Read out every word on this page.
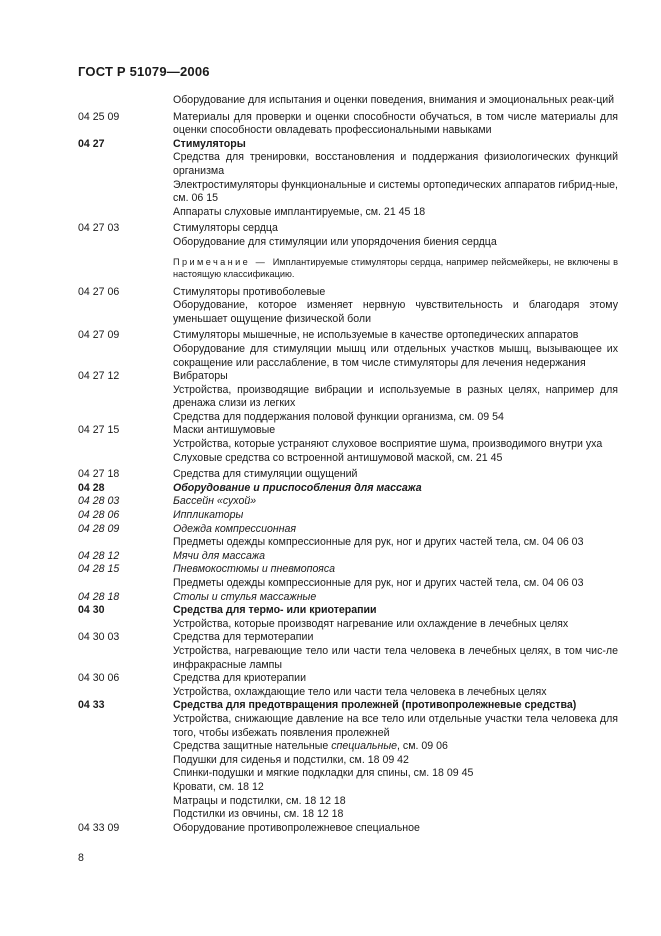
ГОСТ Р 51079—2006
Оборудование для испытания и оценки поведения, внимания и эмоциональных реак-ций
04 25 09	Материалы для проверки и оценки способности обучаться, в том числе материалы для оценки способности овладевать профессиональными навыками
04 27	Стимуляторы
Средства для тренировки, восстановления и поддержания физиологических функций организма
Электростимуляторы функциональные и системы ортопедических аппаратов гибрид-ные, см. 06 15
Аппараты слуховые имплантируемые, см. 21 45 18
04 27 03	Стимуляторы сердца
Оборудование для стимуляции или упорядочения биения сердца
Примечание — Имплантируемые стимуляторы сердца, например пейсмейкеры, не включены в настоящую классификацию.
04 27 06	Стимуляторы противоболевые
Оборудование, которое изменяет нервную чувствительность и благодаря этому уменьшает ощущение физической боли
04 27 09	Стимуляторы мышечные, не используемые в качестве ортопедических аппаратов
Оборудование для стимуляции мышц или отдельных участков мышц, вызывающее их сокращение или расслабление, в том числе стимуляторы для лечения недержания
04 27 12	Вибраторы
Устройства, производящие вибрации и используемые в разных целях, например для дренажа слизи из легких
Средства для поддержания половой функции организма, см. 09 54
04 27 15	Маски антишумовые
Устройства, которые устраняют слуховое восприятие шума, производимого внутри уха
Слуховые средства со встроенной антишумовой маской, см. 21 45
04 27 18	Средства для стимуляции ощущений
04 28	Оборудование и приспособления для массажа
04 28 03	Бассейн «сухой»
04 28 06	Иппликаторы
04 28 09	Одежда компрессионная
Предметы одежды компрессионные для рук, ног и других частей тела, см. 04 06 03
04 28 12	Мячи для массажа
04 28 15	Пневмокостюмы и пневмопояса
Предметы одежды компрессионные для рук, ног и других частей тела, см. 04 06 03
04 28 18	Столы и стулья массажные
04 30	Средства для термо- или криотерапии
Устройства, которые производят нагревание или охлаждение в лечебных целях
04 30 03	Средства для термотерапии
Устройства, нагревающие тело или части тела человека в лечебных целях, в том чис-ле инфракрасные лампы
04 30 06	Средства для криотерапии
Устройства, охлаждающие тело или части тела человека в лечебных целях
04 33	Средства для предотвращения пролежней (противопролежневые средства)
Устройства, снижающие давление на все тело или отдельные участки тела человека для того, чтобы избежать появления пролежней
Средства защитные нательные специальные, см. 09 06
Подушки для сиденья и подстилки, см. 18 09 42
Спинки-подушки и мягкие подкладки для спины, см. 18 09 45
Кровати, см. 18 12
Матрацы и подстилки, см. 18 12 18
Подстилки из овчины, см. 18 12 18
04 33 09	Оборудование противопролежневое специальное
8
